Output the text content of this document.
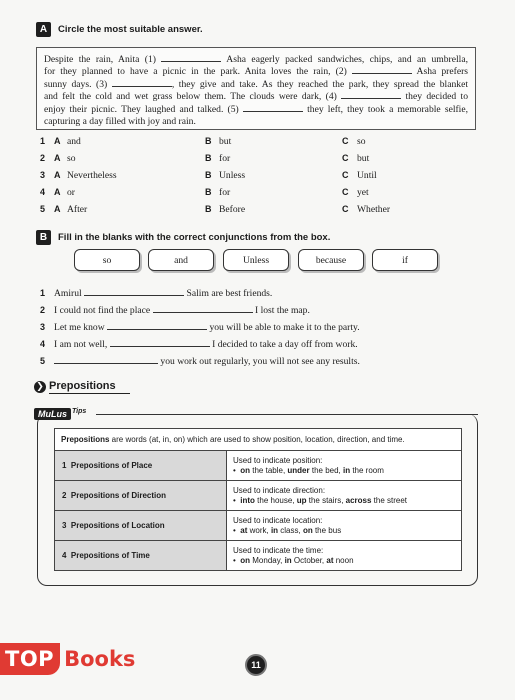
A	Circle the most suitable answer.
Despite the rain, Anita (1)	Asha eagerly packed sandwiches, chips, and an umbrella,
for they planned to have a picnic in the park. Anita loves the rain, (2)	Asha prefers
sunny days. (3)	, they give and take. As they reached the park, they spread the blanket
and felt the cold and wet grass below them. The clouds were dark, (4)	they decided to
enjoy their picnic. They laughed and talked. (5)	they left, they took a memorable selfie,
capturing a day filled with joy and rain.
1 A and	B but	C so
2 A so	B for	C but
3 A Nevertheless	B Unless	C Until
4 A or	B for	C yet
5 A After	B Before	C Whether
B	Fill in the blanks with the correct conjunctions from the box.
so	and	Unless	because	if
1 Amirul	Salim are best friends.
2 I could not find the place	I lost the map.
3 Let me know	you will be able to make it to the party.
4 I am not well,	I decided to take a day off from work.
5	you work out regularly, you will not see any results.
❯ Prepositions
MuLus Tips
Prepositions are words (at, in, on) which are used to show position, location, direction, and time.	
1  Prepositions of Place	Used to indicate position:
•  on the table, under the bed, in the room

2  Prepositions of Direction	Used to indicate direction:
•  into the house, up the stairs, across the street

3  Prepositions of Location	Used to indicate location:
•  at work, in class, on the bus

4  Prepositions of Time	Used to indicate the time:
•  on Monday, in October, at noon
TOP Books	11
